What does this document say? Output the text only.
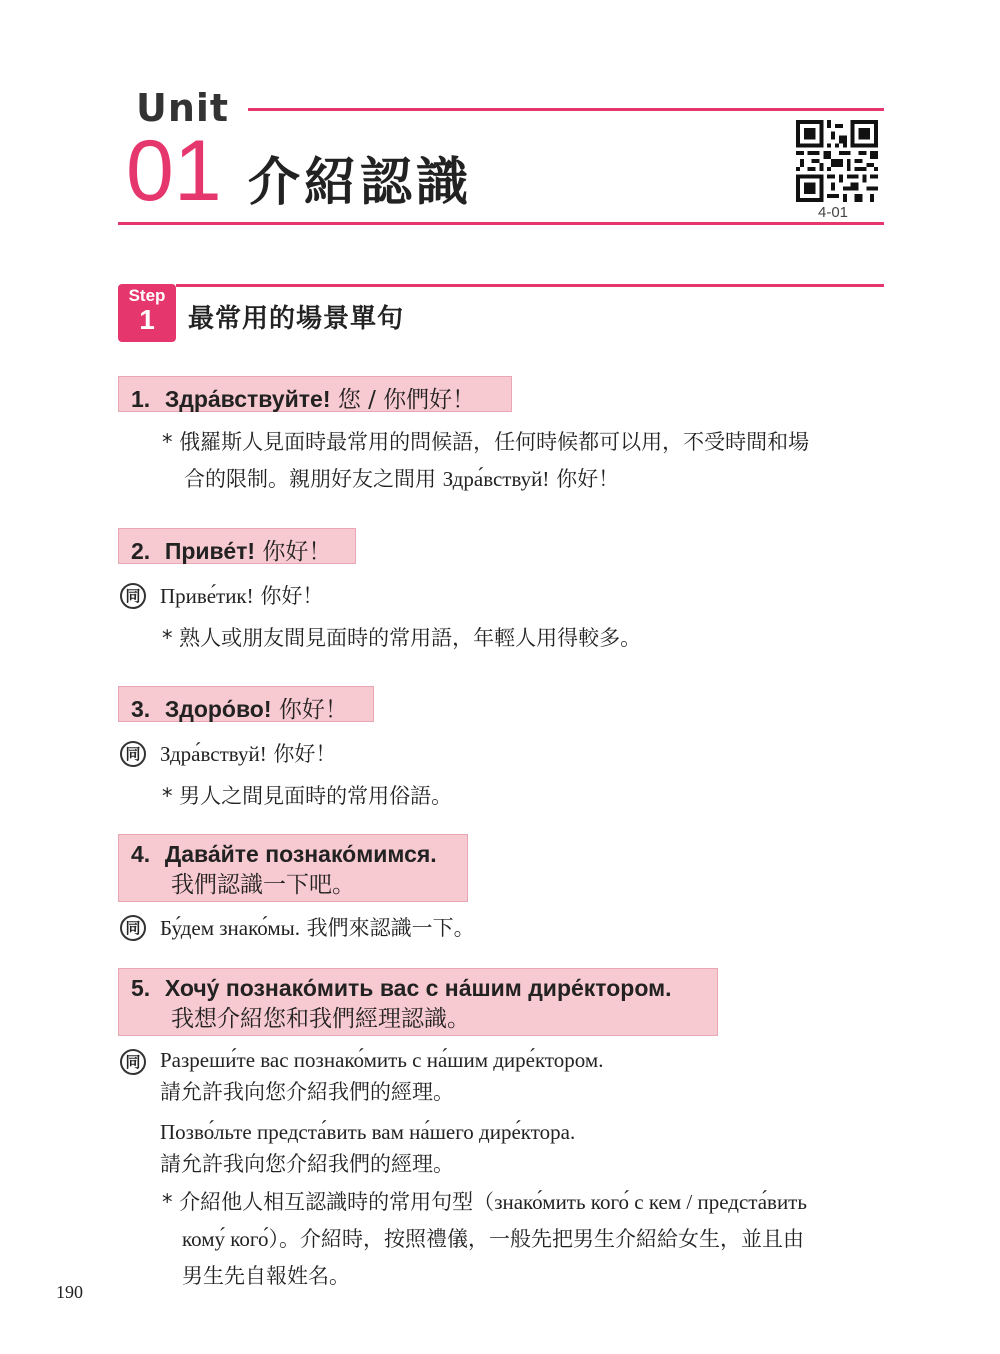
Unit
01 介紹認識	4-01
Step
1	最常用的場景單句
1. Здра́вствуйте! 您 / 你們好！
* 俄羅斯人見面時最常用的問候語，任何時候都可以用，不受時間和場
合的限制。親朋好友之間用 Здра́вствуй! 你好！
2. Приве́т! 你好！
同 Приве́тик! 你好！
* 熟人或朋友間見面時的常用語，年輕人用得較多。
3. Здоро́во! 你好！
同 Здра́вствуй! 你好！
* 男人之間見面時的常用俗語。
4. Дава́йте познако́мимся.
我們認識一下吧。
同 Бу́дем знако́мы. 我們來認識一下。
5. Хочу́ познако́мить вас с на́шим дире́ктором.
我想介紹您和我們經理認識。
同 Разреши́те вас познако́мить с на́шим дире́ктором.
請允許我向您介紹我們的經理。
Позво́льте предста́вить вам на́шего дире́ктора.
請允許我向您介紹我們的經理。
* 介紹他人相互認識時的常用句型（знако́мить кого́ с кем / предста́вить
кому́ кого́）。介紹時，按照禮儀，一般先把男生介紹給女生，並且由
男生先自報姓名。
190
